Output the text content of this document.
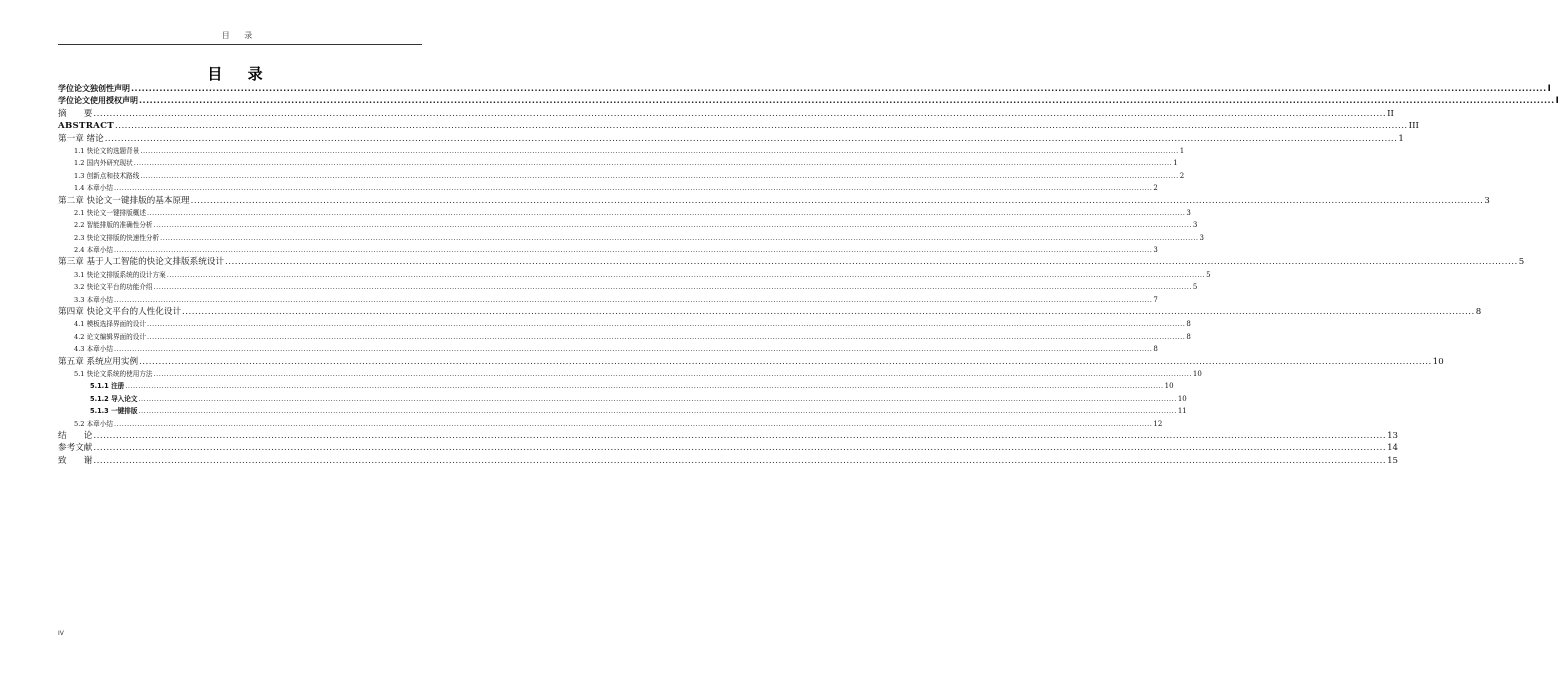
目 录
目 录
学位论文独创性声明 ................................................................................................................................................................................................................................................................................................................................................................................................................ I
学位论文使用授权声明 ................................................................................................................................................................................................................................................................................................................................................................................................................ I
摘　　要 ................................................................................................................................................................................................................................................................................................................................................................................................................ II
ABSTRACT ................................................................................................................................................................................................................................................................................................................................................................................................................ III
第一章 绪论 ................................................................................................................................................................................................................................................................................................................................................................................................................ 1
1.1 快论文的选题背景 ................................................................................................................................................................................................................................................................................................................................................................................................................ 1
1.2 国内外研究现状 ................................................................................................................................................................................................................................................................................................................................................................................................................ 1
1.3 创新点和技术路线 ................................................................................................................................................................................................................................................................................................................................................................................................................ 2
1.4 本章小结 ................................................................................................................................................................................................................................................................................................................................................................................................................ 2
第二章 快论文一键排版的基本原理 ................................................................................................................................................................................................................................................................................................................................................................................................................ 3
2.1 快论文一键排版概述 ................................................................................................................................................................................................................................................................................................................................................................................................................ 3
2.2 智能排版的准确性分析 ................................................................................................................................................................................................................................................................................................................................................................................................................ 3
2.3 快论文排版的快速性分析 ................................................................................................................................................................................................................................................................................................................................................................................................................ 3
2.4 本章小结 ................................................................................................................................................................................................................................................................................................................................................................................................................ 3
第三章 基于人工智能的快论文排版系统设计 ................................................................................................................................................................................................................................................................................................................................................................................................................ 5
3.1 快论文排版系统的设计方案 ................................................................................................................................................................................................................................................................................................................................................................................................................ 5
3.2 快论文平台的功能介绍 ................................................................................................................................................................................................................................................................................................................................................................................................................ 5
3.3 本章小结 ................................................................................................................................................................................................................................................................................................................................................................................................................ 7
第四章 快论文平台的人性化设计 ................................................................................................................................................................................................................................................................................................................................................................................................................ 8
4.1 模板选择界面的设计 ................................................................................................................................................................................................................................................................................................................................................................................................................ 8
4.2 论文编辑界面的设计 ................................................................................................................................................................................................................................................................................................................................................................................................................ 8
4.3 本章小结 ................................................................................................................................................................................................................................................................................................................................................................................................................ 8
第五章 系统应用实例 ................................................................................................................................................................................................................................................................................................................................................................................................................ 10
5.1 快论文系统的使用方法 ................................................................................................................................................................................................................................................................................................................................................................................................................ 10
5.1.1 注册 ................................................................................................................................................................................................................................................................................................................................................................................................................ 10
5.1.2 导入论文 ................................................................................................................................................................................................................................................................................................................................................................................................................ 10
5.1.3 一键排版 ................................................................................................................................................................................................................................................................................................................................................................................................................ 11
5.2 本章小结 ................................................................................................................................................................................................................................................................................................................................................................................................................ 12
结　　论 ................................................................................................................................................................................................................................................................................................................................................................................................................ 13
参考文献 ................................................................................................................................................................................................................................................................................................................................................................................................................ 14
致　　谢 ................................................................................................................................................................................................................................................................................................................................................................................................................ 15
IV
